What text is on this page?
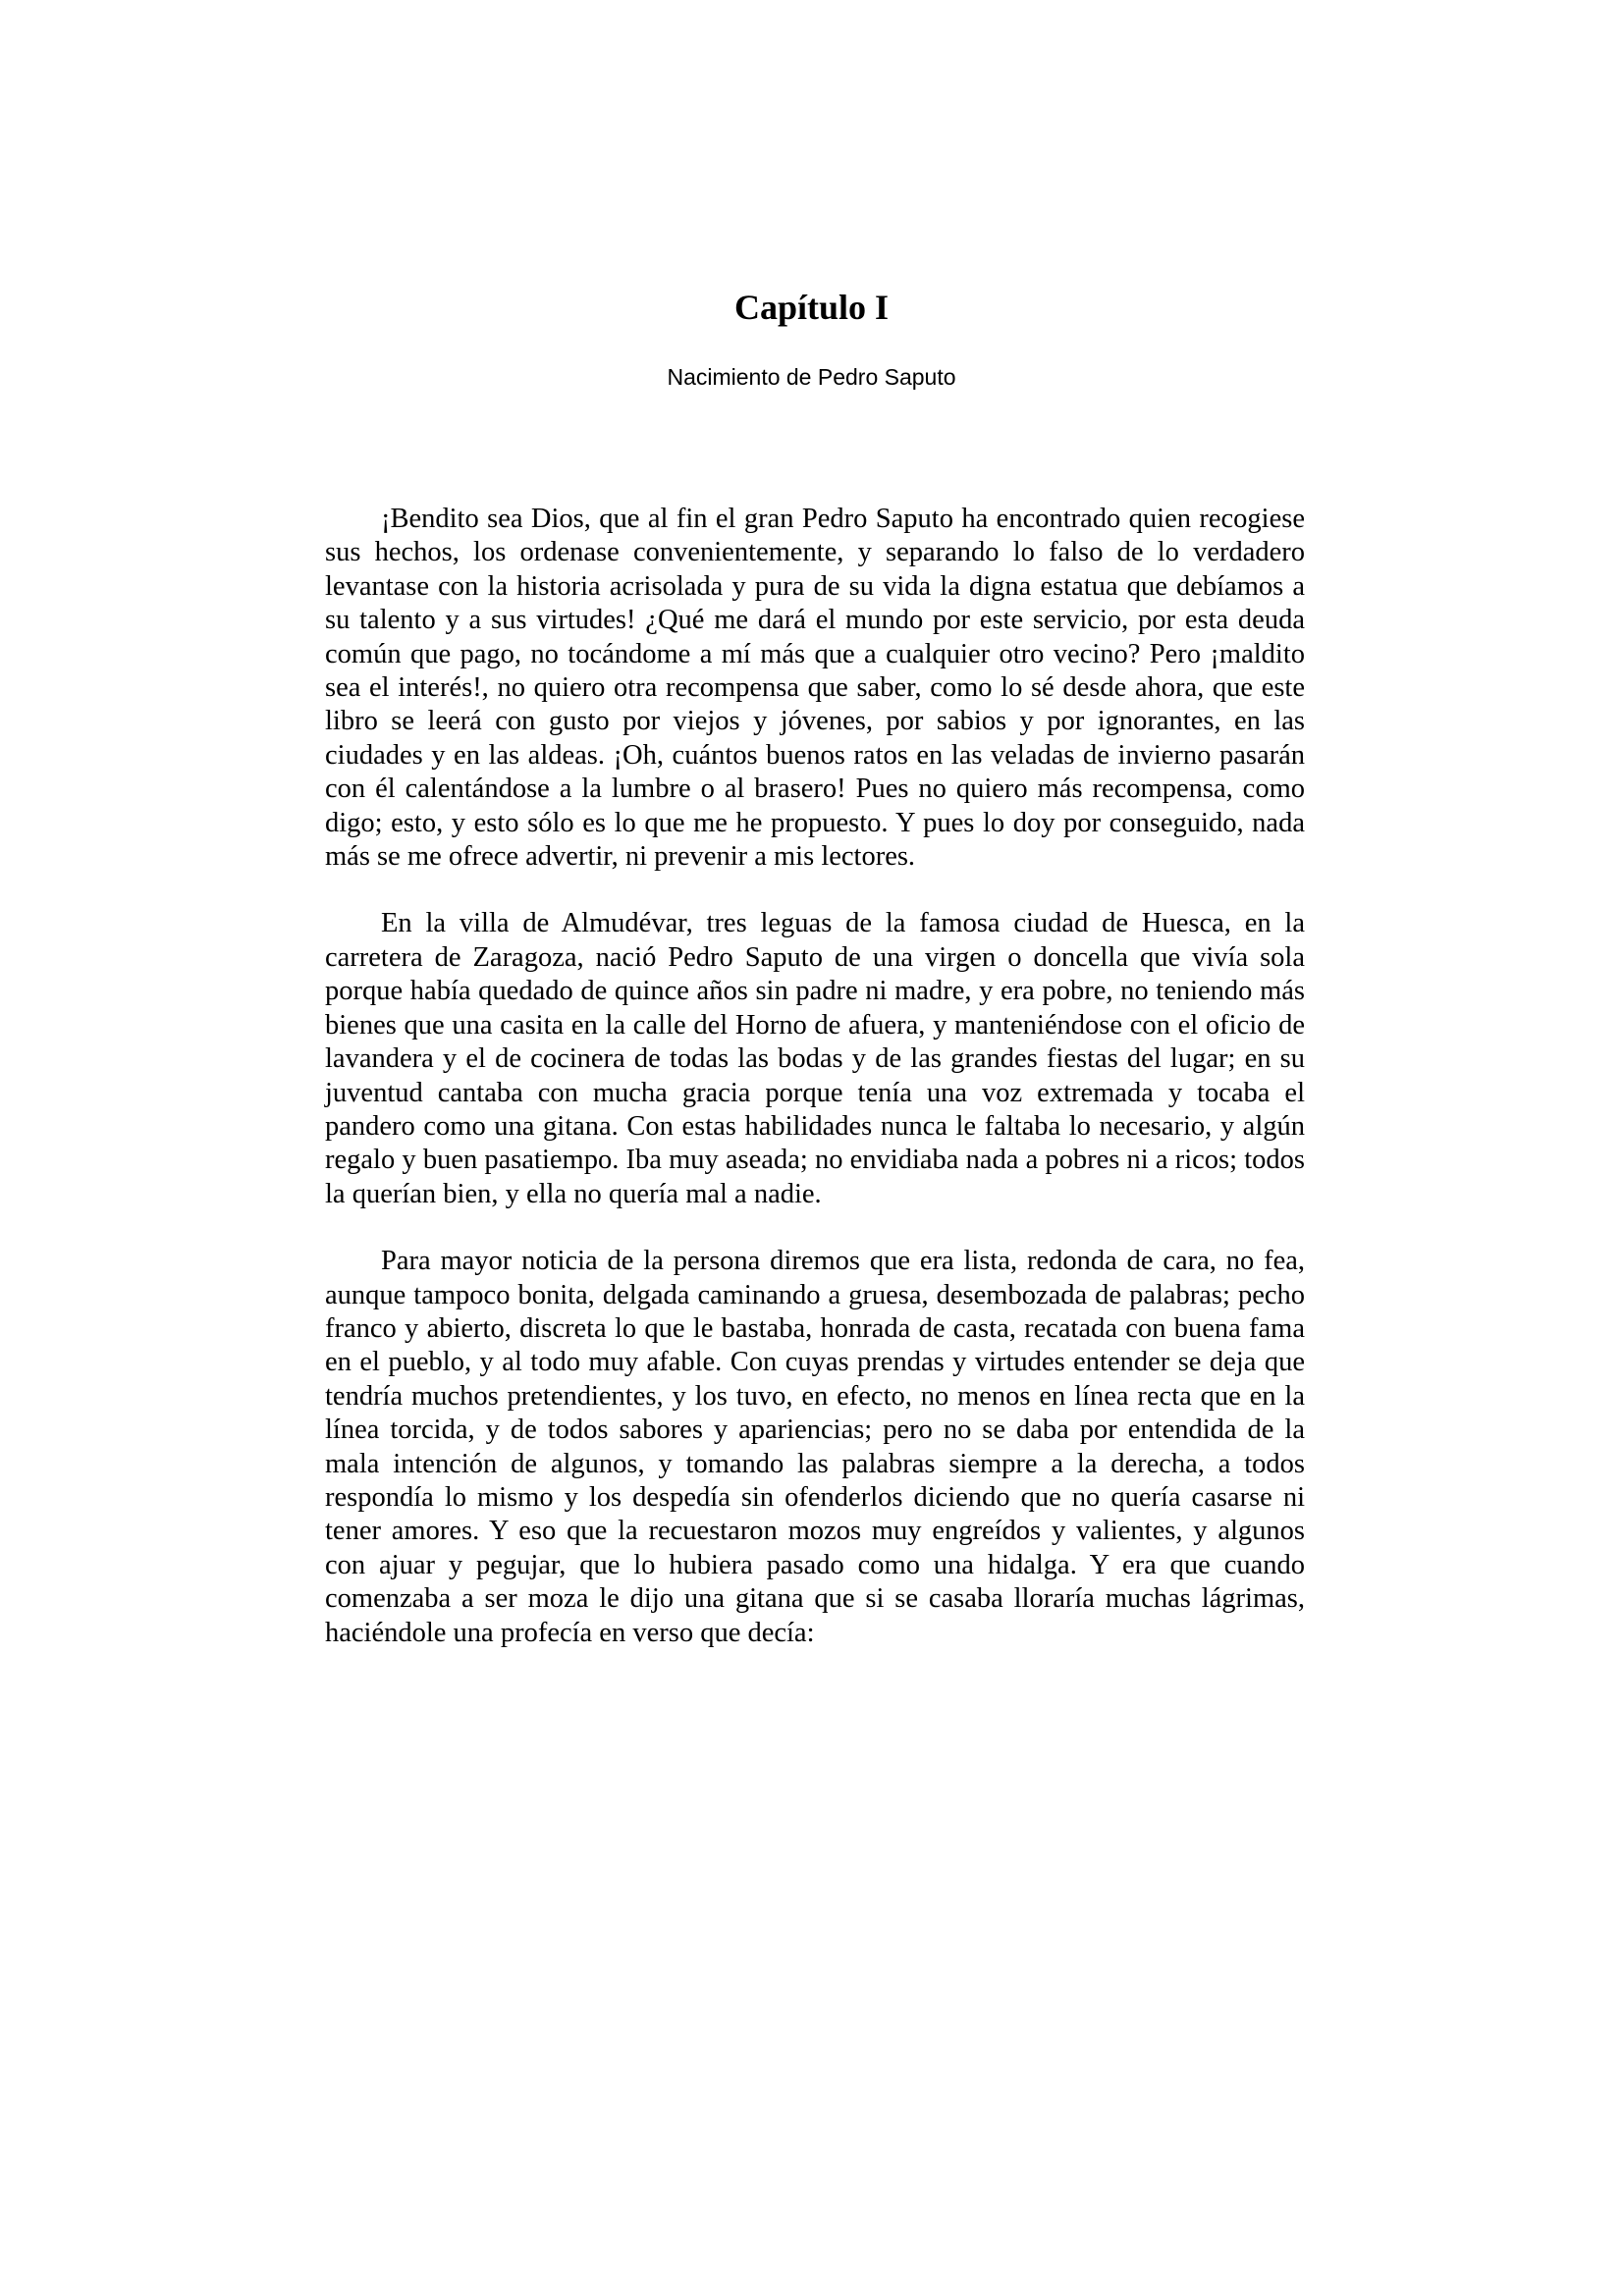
Capítulo I
Nacimiento de Pedro Saputo

¡Bendito sea Dios, que al fin el gran Pedro Saputo ha encontrado quien recogiese sus hechos, los ordenase convenientemente, y separando lo falso de lo verdadero levantase con la historia acrisolada y pura de su vida la digna estatua que debíamos a su talento y a sus virtudes! ¿Qué me dará el mundo por este servicio, por esta deuda común que pago, no tocándome a mí más que a cualquier otro vecino? Pero ¡maldito sea el interés!, no quiero otra recompensa que saber, como lo sé desde ahora, que este libro se leerá con gusto por viejos y jóvenes, por sabios y por ignorantes, en las ciudades y en las aldeas. ¡Oh, cuántos buenos ratos en las veladas de invierno pasarán con él calentándose a la lumbre o al brasero! Pues no quiero más recompensa, como digo; esto, y esto sólo es lo que me he propuesto. Y pues lo doy por conseguido, nada más se me ofrece advertir, ni prevenir a mis lectores.

En la villa de Almudévar, tres leguas de la famosa ciudad de Huesca, en la carretera de Zaragoza, nació Pedro Saputo de una virgen o doncella que vivía sola porque había quedado de quince años sin padre ni madre, y era pobre, no teniendo más bienes que una casita en la calle del Horno de afuera, y manteniéndose con el oficio de lavandera y el de cocinera de todas las bodas y de las grandes fiestas del lugar; en su juventud cantaba con mucha gracia porque tenía una voz extremada y tocaba el pandero como una gitana. Con estas habilidades nunca le faltaba lo necesario, y algún regalo y buen pasatiempo. Iba muy aseada; no envidiaba nada a pobres ni a ricos; todos la querían bien, y ella no quería mal a nadie.

Para mayor noticia de la persona diremos que era lista, redonda de cara, no fea, aunque tampoco bonita, delgada caminando a gruesa, desembozada de palabras; pecho franco y abierto, discreta lo que le bastaba, honrada de casta, recatada con buena fama en el pueblo, y al todo muy afable. Con cuyas prendas y virtudes entender se deja que tendría muchos pretendientes, y los tuvo, en efecto, no menos en línea recta que en la línea torcida, y de todos sabores y apariencias; pero no se daba por entendida de la mala intención de algunos, y tomando las palabras siempre a la derecha, a todos respondía lo mismo y los despedía sin ofenderlos diciendo que no quería casarse ni tener amores. Y eso que la recuestaron mozos muy engreídos y valientes, y algunos con ajuar y pegujar, que lo hubiera pasado como una hidalga. Y era que cuando comenzaba a ser moza le dijo una gitana que si se casaba lloraría muchas lágrimas, haciéndole una profecía en verso que decía:
